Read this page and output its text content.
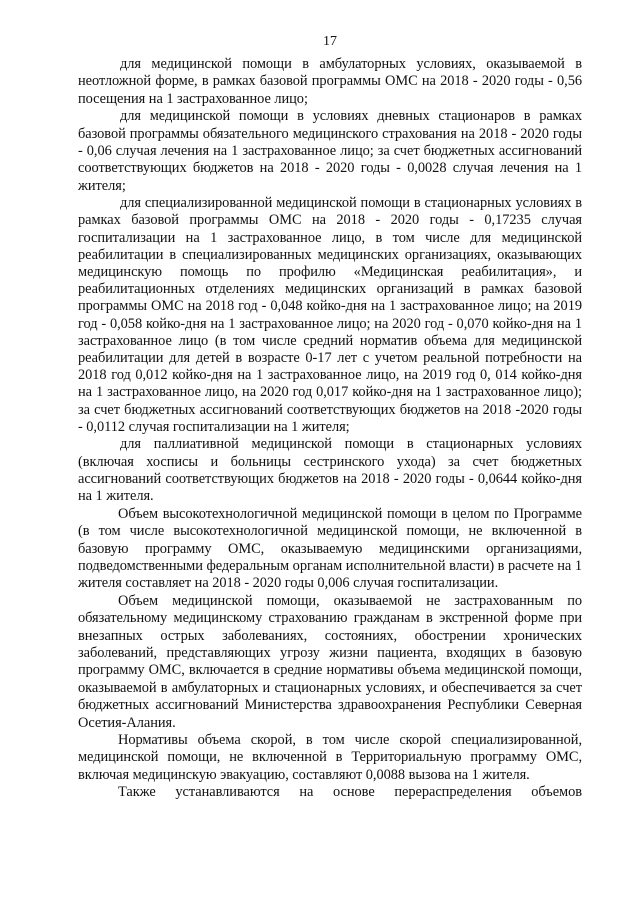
17

для медицинской помощи в амбулаторных условиях, оказываемой в неотложной форме, в рамках базовой программы ОМС на 2018 - 2020 годы - 0,56 посещения на 1 застрахованное лицо;

для медицинской помощи в условиях дневных стационаров в рамках базовой программы обязательного медицинского страхования на 2018 - 2020 годы - 0,06 случая лечения на 1 застрахованное лицо; за счет бюджетных ассигнований соответствующих бюджетов на 2018 - 2020 годы - 0,0028 случая лечения на 1 жителя;

для специализированной медицинской помощи в стационарных условиях в рамках базовой программы ОМС на 2018 - 2020 годы - 0,17235 случая госпитализации на 1 застрахованное лицо, в том числе для медицинской реабилитации в специализированных медицинских организациях, оказывающих медицинскую помощь по профилю «Медицинская реабилитация», и реабилитационных отделениях медицинских организаций в рамках базовой программы ОМС на 2018 год - 0,048 койко-дня на 1 застрахованное лицо; на 2019 год - 0,058 койко-дня на 1 застрахованное лицо; на 2020 год - 0,070 койко-дня на 1 застрахованное лицо (в том числе средний норматив объема для медицинской реабилитации для детей в возрасте 0-17 лет с учетом реальной потребности на 2018 год 0,012 койко-дня на 1 застрахованное лицо, на 2019 год 0, 014 койко-дня на 1 застрахованное лицо, на 2020 год 0,017 койко-дня на 1 застрахованное лицо); за счет бюджетных ассигнований соответствующих бюджетов на 2018 -2020 годы - 0,0112 случая госпитализации на 1 жителя;

для паллиативной медицинской помощи в стационарных условиях (включая хосписы и больницы сестринского ухода) за счет бюджетных ассигнований соответствующих бюджетов на 2018 - 2020 годы - 0,0644 койко-дня на 1 жителя.

Объем высокотехнологичной медицинской помощи в целом по Программе (в том числе высокотехнологичной медицинской помощи, не включенной в базовую программу ОМС, оказываемую медицинскими организациями, подведомственными федеральным органам исполнительной власти) в расчете на 1 жителя составляет на 2018 - 2020 годы 0,006 случая госпитализации.

Объем медицинской помощи, оказываемой не застрахованным по обязательному медицинскому страхованию гражданам в экстренной форме при внезапных острых заболеваниях, состояниях, обострении хронических заболеваний, представляющих угрозу жизни пациента, входящих в базовую программу ОМС, включается в средние нормативы объема медицинской помощи, оказываемой в амбулаторных и стационарных условиях, и обеспечивается за счет бюджетных ассигнований Министерства здравоохранения Республики Северная Осетия-Алания.

Нормативы объема скорой, в том числе скорой специализированной, медицинской помощи, не включенной в Территориальную программу ОМС, включая медицинскую эвакуацию, составляют 0,0088 вызова на 1 жителя.

Также устанавливаются на основе перераспределения объемов
